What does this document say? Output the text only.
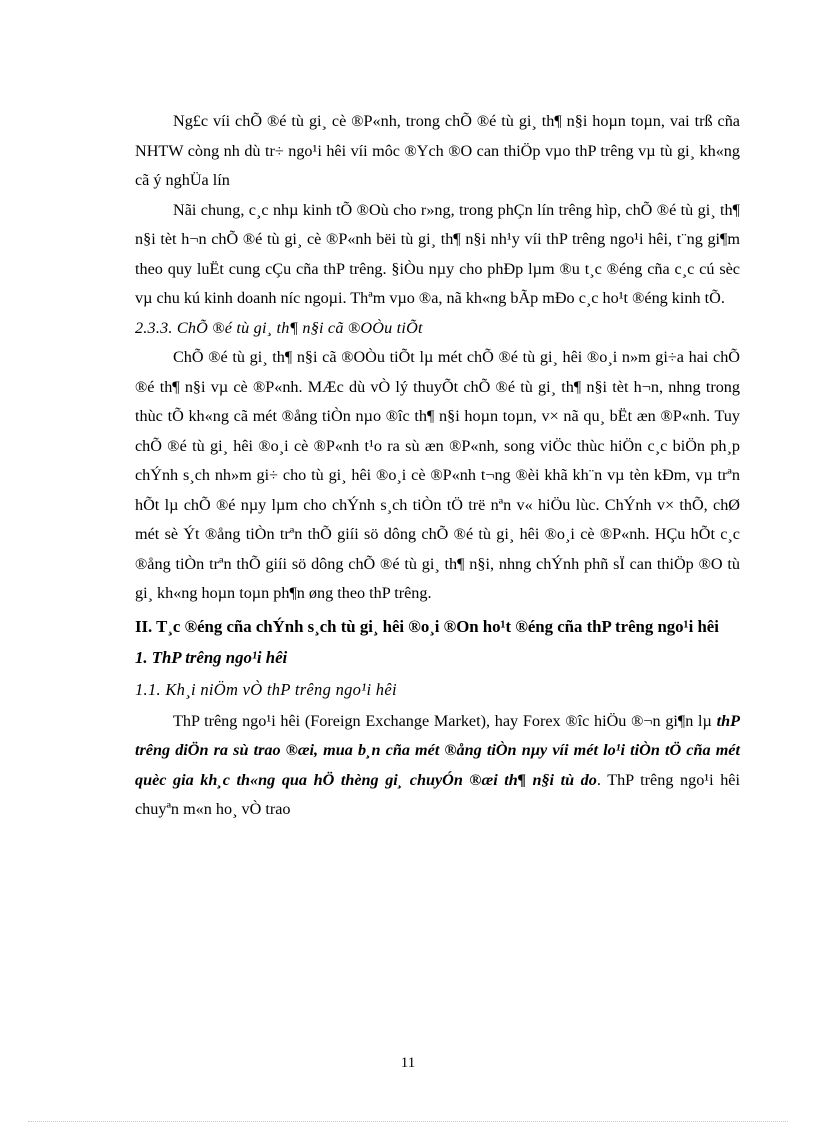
Ng£c víi chÕ ®é tù gi¸ cè ®P«nh, trong chÕ ®é tù gi¸ th¶ n§i hoµn toµn, vai trß cña NHTW còng nh dù tr÷ ngo¹i hêi víi môc ®Ych ®O can thiÖp vµo thP trêng vµ tù gi¸ kh«ng cã ý nghÜa lín

Nãi chung, c¸c nhµ kinh tÕ ®Où cho r»ng, trong phÇn lín trêng hìp, chÕ ®é tù gi¸ th¶ n§i tèt h¬n chÕ ®é tù gi¸ cè ®P«nh bëi tù gi¸ th¶ n§i nh¹y víi thP trêng ngo¹i hêi, t¨ng gi¶m theo quy luËt cung cÇu cña thP trêng. §iÒu nµy cho phÐp lµm ®u t¸c ®éng cña c¸c cú sèc vµ chu kú kinh doanh níc ngoµi. Thªm vµo ®a, nã kh«ng bÃp mÐo c¸c ho¹t ®éng kinh tÕ.

2.3.3. ChÕ ®é tù gi¸ th¶ n§i cã ®OÒu tiÕt

ChÕ ®é tù gi¸ th¶ n§i cã ®OÒu tiÕt lµ mét chÕ ®é tù gi¸ hêi ®o¸i n»m gi÷a hai chÕ ®é th¶ n§i vµ cè ®P«nh. MÆc dù vÒ lý thuyÕt chÕ ®é tù gi¸ th¶ n§i tèt h¬n, nhng trong thùc tÕ kh«ng cã mét ®ång tiÒn nµo ®îc th¶ n§i hoµn toµn, v× nã qu¸ bËt æn ®P«nh. Tuy chÕ ®é tù gi¸ hêi ®o¸i cè ®P«nh t¹o ra sù æn ®P«nh, song viÖc thùc hiÖn c¸c biÖn ph¸p chÝnh s¸ch nh»m gi÷ cho tù gi¸ hêi ®o¸i cè ®P«nh t¬ng ®èi khã kh¨n vµ tèn kÐm, vµ trªn hÕt lµ chÕ ®é nµy lµm cho chÝnh s¸ch tiÒn tÖ trë nªn v« hiÖu lùc. ChÝnh v× thÕ, chØ mét sè Ýt ®ång tiÒn trªn thÕ giíi sö dông chÕ ®é tù gi¸ hêi ®o¸i cè ®P«nh. HÇu hÕt c¸c ®ång tiÒn trªn thÕ giíi sö dông chÕ ®é tù gi¸ th¶ n§i, nhng chÝnh phñ sÏ can thiÖp ®O tù gi¸ kh«ng hoµn toµn ph¶n øng theo thP trêng.

II. T¸c ®éng cña chÝnh s¸ch tù gi¸ hêi ®o¸i ®On ho¹t ®éng cña thP trêng ngo¹i hêi

1. ThP trêng ngo¹i hêi

1.1. Kh¸i niÖm vÒ thP trêng ngo¹i hêi

ThP trêng ngo¹i hêi (Foreign Exchange Market), hay Forex ®îc hiÖu ®¬n gi¶n lµ thP trêng diÖn ra sù trao ®æi, mua b¸n cña mét ®ång tiÒn nµy víi mét lo¹i tiÒn tÖ cña mét quèc gia kh¸c th«ng qua hÖ thèng gi¸ chuyÓn ®æi th¶ n§i tù do. ThP trêng ngo¹i hêi chuyªn m«n ho¸ vÒ trao

11
